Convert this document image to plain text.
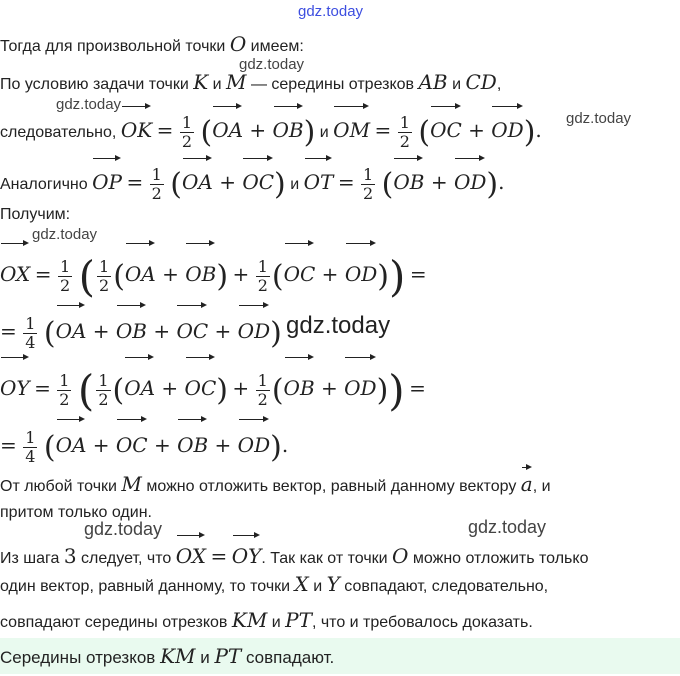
gdz.today
Тогда для произвольной точки O имеем:
gdz.today
По условию задачи точки K и M — середины отрезков AB и CD,
gdz.today
gdz.today
следовательно, OK = $\frac{1}{2} (OA + OB)$ и OM = $\frac{1}{2} (OC + OD)$.
Аналогично OP = $\frac{1}{2} (OA + OC)$ и OT = $\frac{1}{2} (OB + OD)$.
Получим:
gdz.today
OX = $\frac{1}{2}$ ( $\frac{1}{2} (OA + OB) + \frac{1}{2} (OC + OD)$) =
= $\frac{1}{4} (OA$ + OB + OC + OD) gdz.today
OY = $\frac{1}{2}$ ( $\frac{1}{2} (OA + OC) + \frac{1}{2} (OB + OD)$) =
= $\frac{1}{4} (OA$ + OC + OB + OD).
От любой точки M можно отложить вектор, равный данному вектору a, и
притом только один.
gdz.today	gdz.today
Из шага 3 следует, что OX = OY. Так как от точки O можно отложить только
один вектор, равный данному, то точки X и Y совпадают, следовательно,
совпадают середины отрезков KM и PT, что и требовалось доказать.
Середины отрезков KM и PT совпадают.
